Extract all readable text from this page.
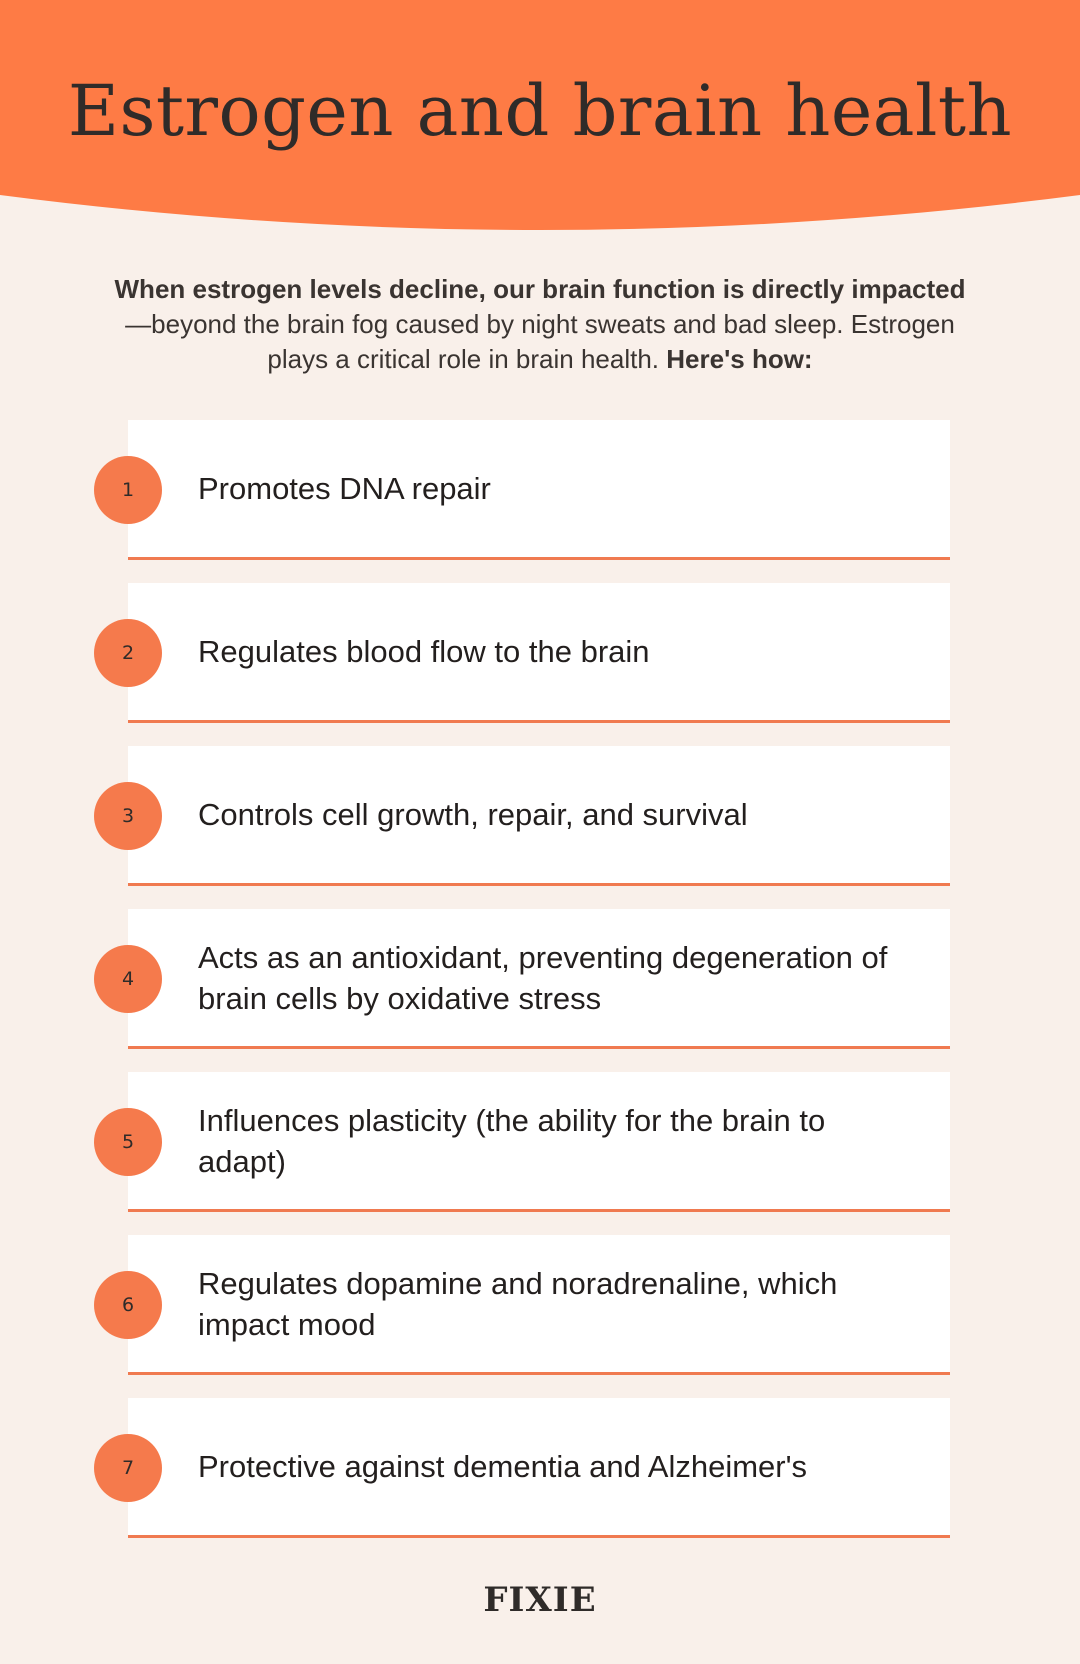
Estrogen and brain health
When estrogen levels decline, our brain function is directly impacted—beyond the brain fog caused by night sweats and bad sleep. Estrogen plays a critical role in brain health. Here's how:
1	Promotes DNA repair
2	Regulates blood flow to the brain
3	Controls cell growth, repair, and survival
4
Acts as an antioxidant, preventing degeneration of brain cells by oxidative stress
5
Influences plasticity (the ability for the brain to adapt)
6
Regulates dopamine and noradrenaline, which impact mood
7	Protective against dementia and Alzheimer's
FIXIE
